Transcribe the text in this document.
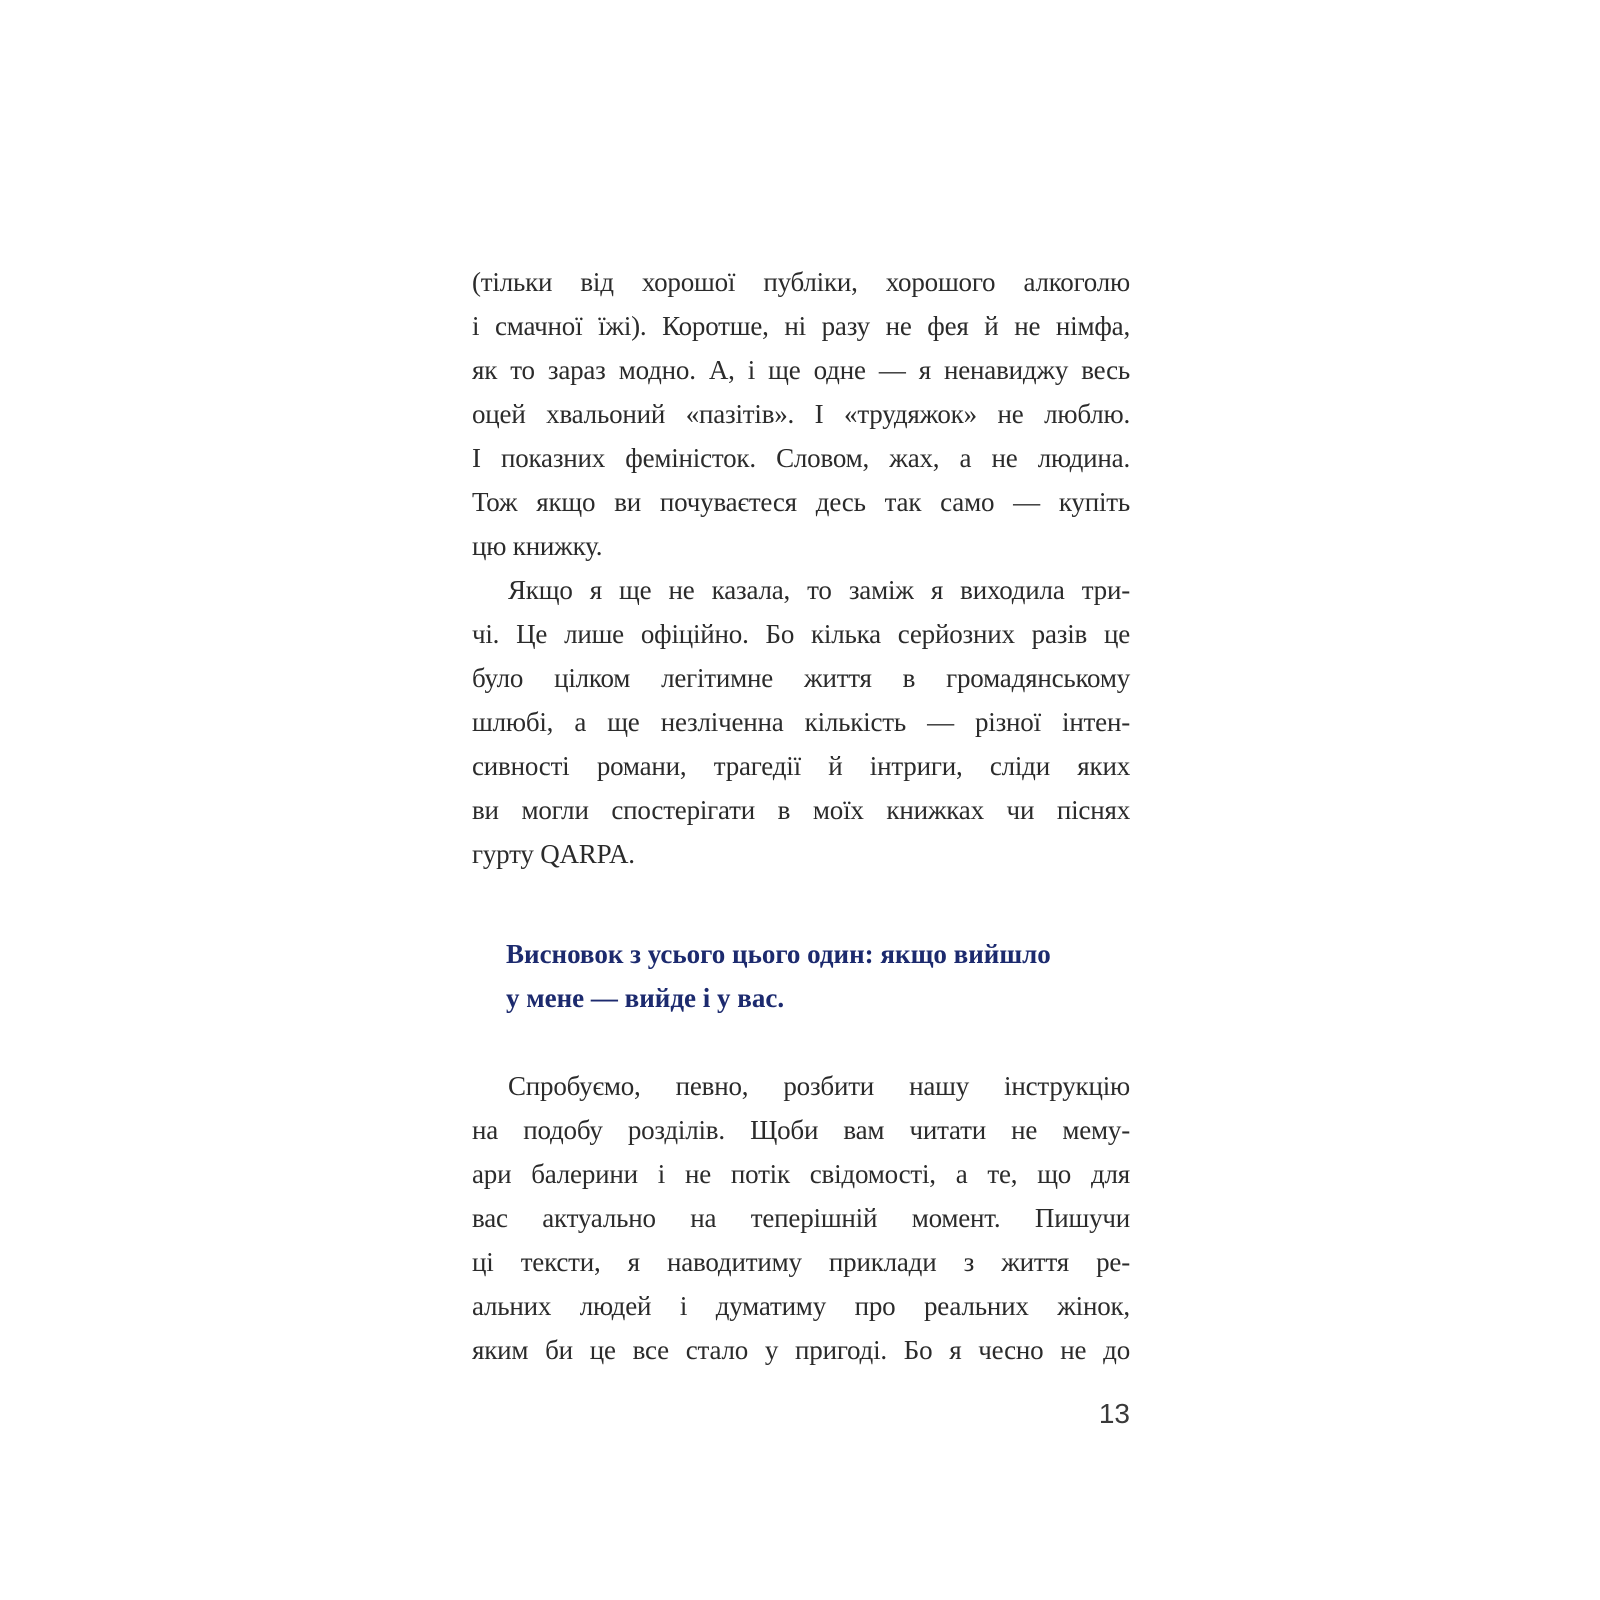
(тільки від хорошої публіки, хорошого алкоголю
і смачної їжі). Коротше, ні разу не фея й не німфа,
як то зараз модно. А, і ще одне — я ненавиджу весь
оцей хвальоний «пазітів». І «трудяжок» не люблю.
І показних феміністок. Словом, жах, а не людина.
Тож якщо ви почуваєтеся десь так само — купіть
цю книжку.
Якщо я ще не казала, то заміж я виходила три-
чі. Це лише офіційно. Бо кілька серйозних разів це
було цілком легітимне життя в громадянському
шлюбі, а ще незліченна кількість — різної інтен-
сивності романи, трагедії й інтриги, сліди яких
ви могли спостерігати в моїх книжках чи піснях
гурту QARPA.
Висновок з усього цього один: якщо вийшло
у мене — вийде і у вас.
Спробуємо, певно, розбити нашу інструкцію
на подобу розділів. Щоби вам читати не мему-
ари балерини і не потік свідомості, а те, що для
вас актуально на теперішній момент. Пишучи
ці тексти, я наводитиму приклади з життя ре-
альних людей і думатиму про реальних жінок,
яким би це все стало у пригоді. Бо я чесно не до
13
